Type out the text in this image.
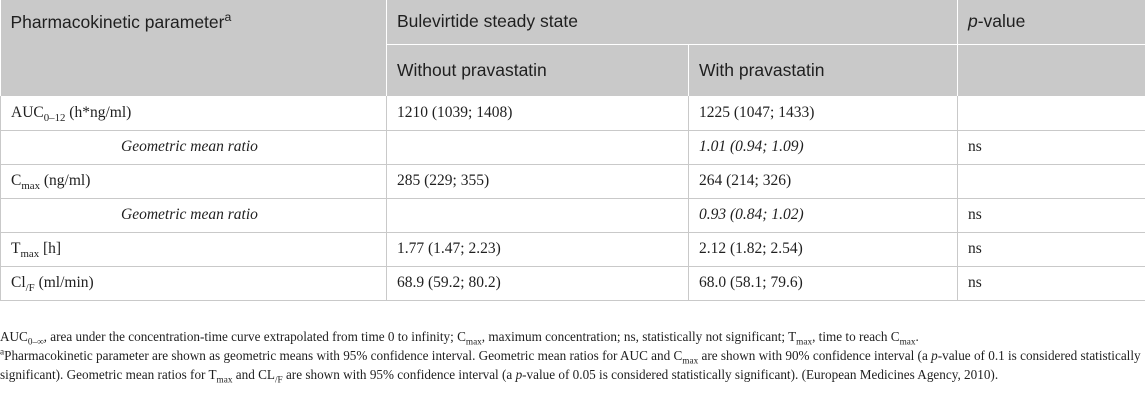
Pharmacokinetic parameter$^a$	Bulevirtide steady state		p-value
	Without pravastatin	With pravastatin	
$AUC_{0-12}$ (h*ng/ml)	1210 (1039; 1408)	1225 (1047; 1433)	
Geometric mean ratio		1.01 (0.94; 1.09)	ns
$C_{max}$ (ng/ml)	285 (229; 355)	264 (214; 326)	
Geometric mean ratio		0.93 (0.84; 1.02)	ns
$T_{max}$ [h]	1.77 (1.47; 2.23)	2.12 (1.82; 2.54)	ns
$Cl_{/F}$ (ml/min)	68.9 (59.2; 80.2)	68.0 (58.1; 79.6)	ns

$AUC_{0-\infty}$, area under the concentration-time curve extrapolated from time 0 to infinity; $C_{max}$, maximum concentration; ns, statistically not significant; $T_{max}$, time to reach $C_{max}$.

$^a$Pharmacokinetic parameter are shown as geometric means with 95% confidence interval. Geometric mean ratios for AUC and $C_{max}$ are shown with 90% confidence interval (a p-value of 0.1 is considered statistically significant). Geometric mean ratios for $T_{max}$ and $CL_{/F}$ are shown with 95% confidence interval (a p-value of 0.05 is considered statistically significant). (European Medicines Agency, 2010).
